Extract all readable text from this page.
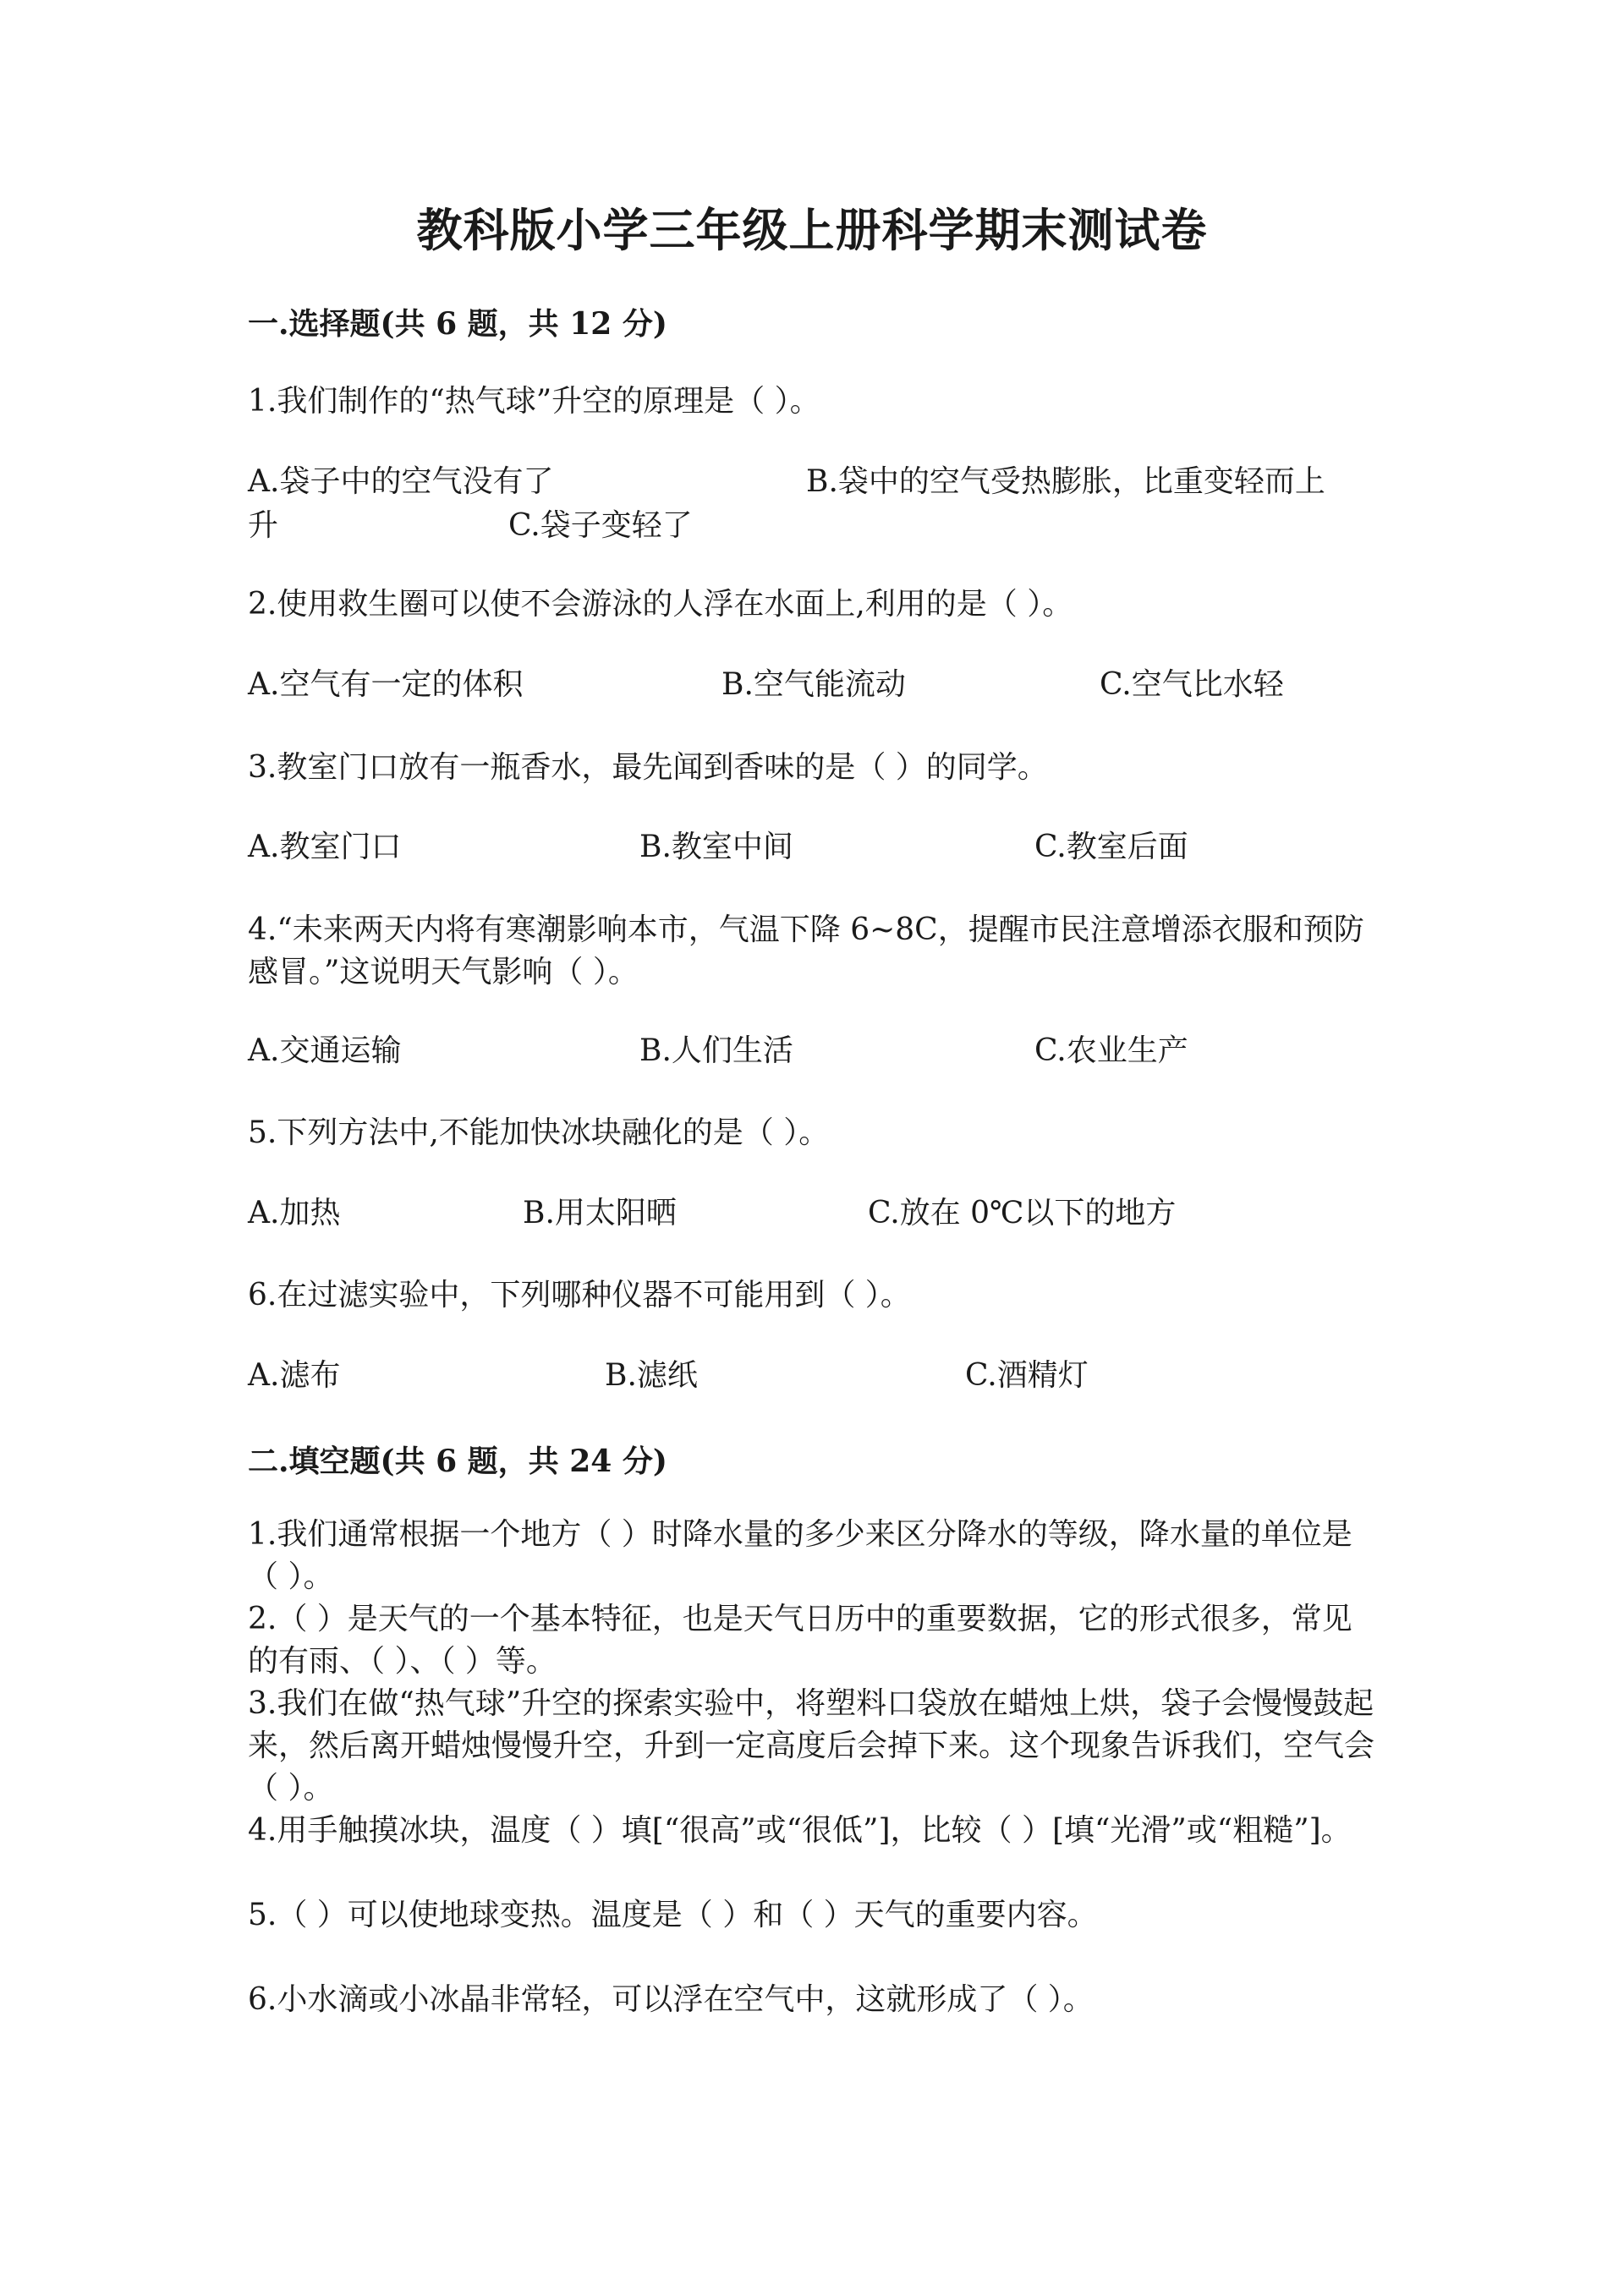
教科版小学三年级上册科学期末测试卷
一.选择题(共 6 题，共 12 分)
1.我们制作的“热气球”升空的原理是（ ）。
A.袋子中的空气没有了	B.袋中的空气受热膨胀，比重变轻而上
升	C.袋子变轻了
2.使用救生圈可以使不会游泳的人浮在水面上,利用的是（ ）。
A.空气有一定的体积	B.空气能流动	C.空气比水轻
3.教室门口放有一瓶香水，最先闻到香味的是（ ）的同学。
A.教室门口	B.教室中间	C.教室后面
4.“未来两天内将有寒潮影响本市，气温下降 6~8C，提醒市民注意增添衣服和预防感冒。”这说明天气影响（ ）。
A.交通运输	B.人们生活	C.农业生产
5.下列方法中,不能加快冰块融化的是（ ）。
A.加热	B.用太阳晒	C.放在 0℃以下的地方
6.在过滤实验中，下列哪种仪器不可能用到（ ）。
A.滤布	B.滤纸	C.酒精灯
二.填空题(共 6 题，共 24 分)
1.我们通常根据一个地方（ ）时降水量的多少来区分降水的等级，降水量的单位是（ ）。
2.（ ）是天气的一个基本特征，也是天气日历中的重要数据，它的形式很多，常见的有雨、（ ）、（ ）等。
3.我们在做“热气球”升空的探索实验中，将塑料口袋放在蜡烛上烘，袋子会慢慢鼓起来，然后离开蜡烛慢慢升空，升到一定高度后会掉下来。这个现象告诉我们，空气会（ ）。
4.用手触摸冰块，温度（ ）填[“很高”或“很低”]，比较（ ）[填“光滑”或“粗糙”]。
5.（ ）可以使地球变热。温度是（ ）和（ ）天气的重要内容。
6.小水滴或小冰晶非常轻，可以浮在空气中，这就形成了（ ）。
